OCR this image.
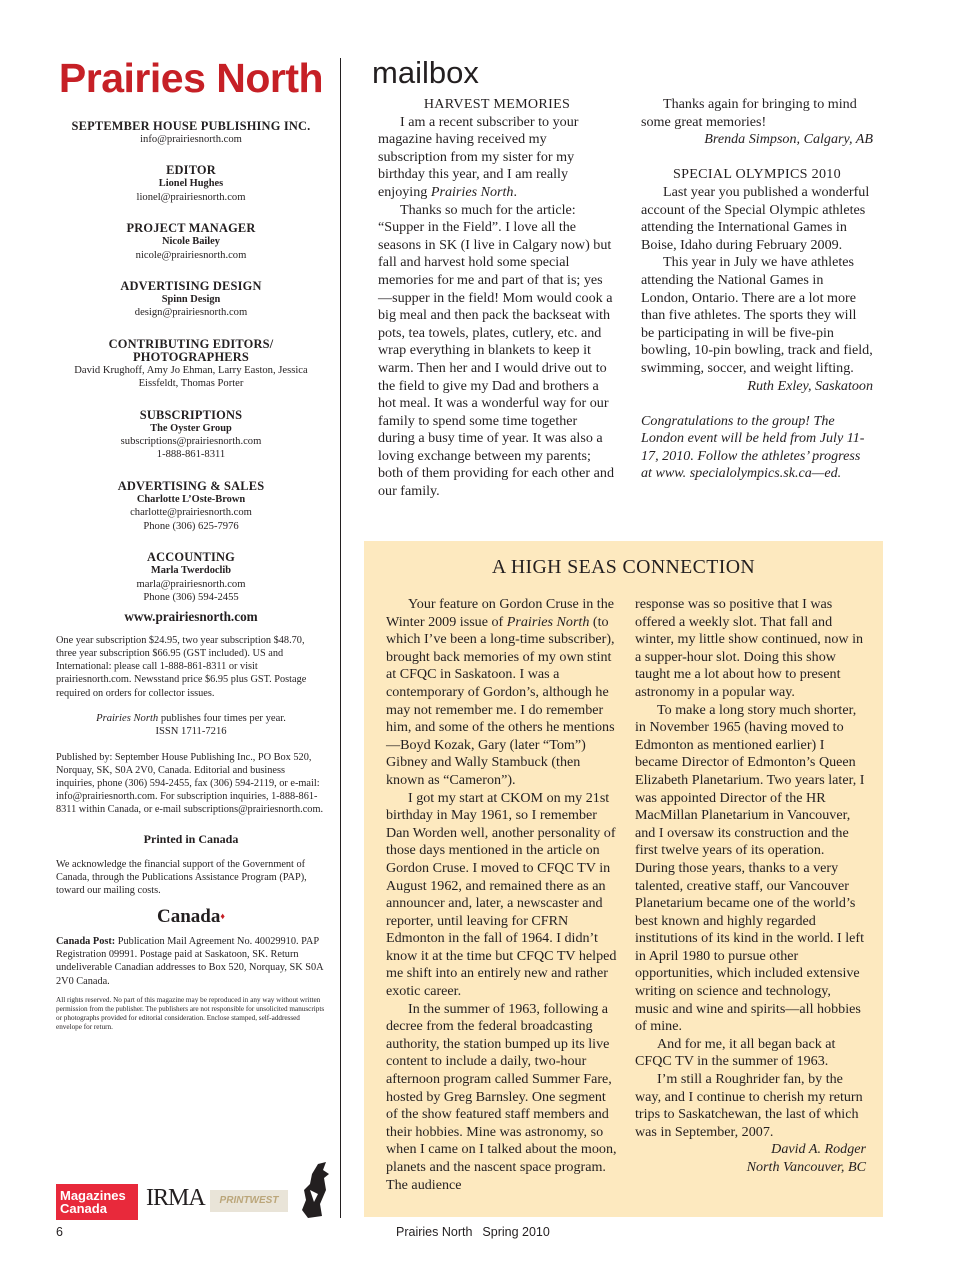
Prairies North
SEPTEMBER HOUSE PUBLISHING INC.
info@prairiesnorth.com
EDITOR
Lionel Hughes
lionel@prairiesnorth.com
PROJECT MANAGER
Nicole Bailey
nicole@prairiesnorth.com
ADVERTISING DESIGN
Spinn Design
design@prairiesnorth.com
CONTRIBUTING EDITORS/
PHOTOGRAPHERS
David Krughoff, Amy Jo Ehman, Larry Easton, Jessica Eissfeldt, Thomas Porter
SUBSCRIPTIONS
The Oyster Group
subscriptions@prairiesnorth.com
1-888-861-8311
ADVERTISING & SALES
Charlotte L’Oste-Brown
charlotte@prairiesnorth.com
Phone (306) 625-7976
ACCOUNTING
Marla Twerdoclib
marla@prairiesnorth.com
Phone (306) 594-2455
www.prairiesnorth.com
One year subscription $24.95, two year subscription $48.70, three year subscription $66.95 (GST included). US and International: please call 1-888-861-8311 or visit prairiesnorth.com. Newsstand price $6.95 plus GST. Postage required on orders for collector issues.
Prairies North publishes four times per year.
ISSN 1711-7216
Published by: September House Publishing Inc., PO Box 520, Norquay, SK, S0A 2V0, Canada. Editorial and business inquiries, phone (306) 594-2455, fax (306) 594-2119, or e-mail: info@prairiesnorth.com. For subscription inquiries, 1-888-861-8311 within Canada, or e-mail subscriptions@prairiesnorth.com.
Printed in Canada
We acknowledge the financial support of the Government of Canada, through the Publications Assistance Program (PAP), toward our mailing costs.
Canada♦
Canada Post: Publication Mail Agreement No. 40029910. PAP Registration 09991. Postage paid at Saskatoon, SK. Return undeliverable Canadian addresses to Box 520, Norquay, SK S0A 2V0 Canada.
All rights reserved. No part of this magazine may be reproduced in any way without written permission from the publisher. The publishers are not responsible for unsolicited manuscripts or photographs provided for editorial consideration. Enclose stamped, self-addressed envelope for return.
Magazines Canada	IRMA	PRINTWEST
mailbox

HARVEST MEMORIES

I am a recent subscriber to your magazine having received my subscription from my sister for my birthday this year, and I am really enjoying Prairies North.

Thanks so much for the article: “Supper in the Field”. I love all the seasons in SK (I live in Calgary now) but fall and harvest hold some special memories for me and part of that is; yes—supper in the field! Mom would cook a big meal and then pack the backseat with pots, tea towels, plates, cutlery, etc. and wrap everything in blankets to keep it warm. Then her and I would drive out to the field to give my Dad and brothers a hot meal. It was a wonderful way for our family to spend some time together during a busy time of year. It was also a loving exchange between my parents; both of them providing for each other and our family.

Thanks again for bringing to mind some great memories!

Brenda Simpson, Calgary, AB

SPECIAL OLYMPICS 2010

Last year you published a wonderful account of the Special Olympic athletes attending the International Games in Boise, Idaho during February 2009.

This year in July we have athletes attending the National Games in London, Ontario. There are a lot more than five athletes. The sports they will be participating in will be five-pin bowling, 10-pin bowling, track and field, swimming, soccer, and weight lifting.

Ruth Exley, Saskatoon

Congratulations to the group! The London event will be held from July 11-17, 2010. Follow the athletes’ progress at www. specialolympics.sk.ca—ed.

A HIGH SEAS CONNECTION

Your feature on Gordon Cruse in the Winter 2009 issue of Prairies North (to which I’ve been a long-time subscriber), brought back memories of my own stint at CFQC in Saskatoon. I was a contemporary of Gordon’s, although he may not remember me. I do remember him, and some of the others he mentions—Boyd Kozak, Gary (later “Tom”) Gibney and Wally Stambuck (then known as “Cameron”).

I got my start at CKOM on my 21st birthday in May 1961, so I remember Dan Worden well, another personality of those days mentioned in the article on Gordon Cruse. I moved to CFQC TV in August 1962, and remained there as an announcer and, later, a newscaster and reporter, until leaving for CFRN Edmonton in the fall of 1964. I didn’t know it at the time but CFQC TV helped me shift into an entirely new and rather exotic career.

In the summer of 1963, following a decree from the federal broadcasting authority, the station bumped up its live content to include a daily, two-hour afternoon program called Summer Fare, hosted by Greg Barnsley. One segment of the show featured staff members and their hobbies. Mine was astronomy, so when I came on I talked about the moon, planets and the nascent space program. The audience

response was so positive that I was offered a weekly slot. That fall and winter, my little show continued, now in a supper-hour slot. Doing this show taught me a lot about how to present astronomy in a popular way.

To make a long story much shorter, in November 1965 (having moved to Edmonton as mentioned earlier) I became Director of Edmonton’s Queen Elizabeth Planetarium. Two years later, I was appointed Director of the HR MacMillan Planetarium in Vancouver, and I oversaw its construction and the first twelve years of its operation. During those years, thanks to a very talented, creative staff, our Vancouver Planetarium became one of the world’s best known and highly regarded institutions of its kind in the world. I left in April 1980 to pursue other opportunities, which included extensive writing on science and technology, music and wine and spirits—all hobbies of mine.

And for me, it all began back at CFQC TV in the summer of 1963.

I’m still a Roughrider fan, by the way, and I continue to cherish my return trips to Saskatchewan, the last of which was in September, 2007.

David A. Rodger

North Vancouver, BC

6	Prairies North Spring 2010
